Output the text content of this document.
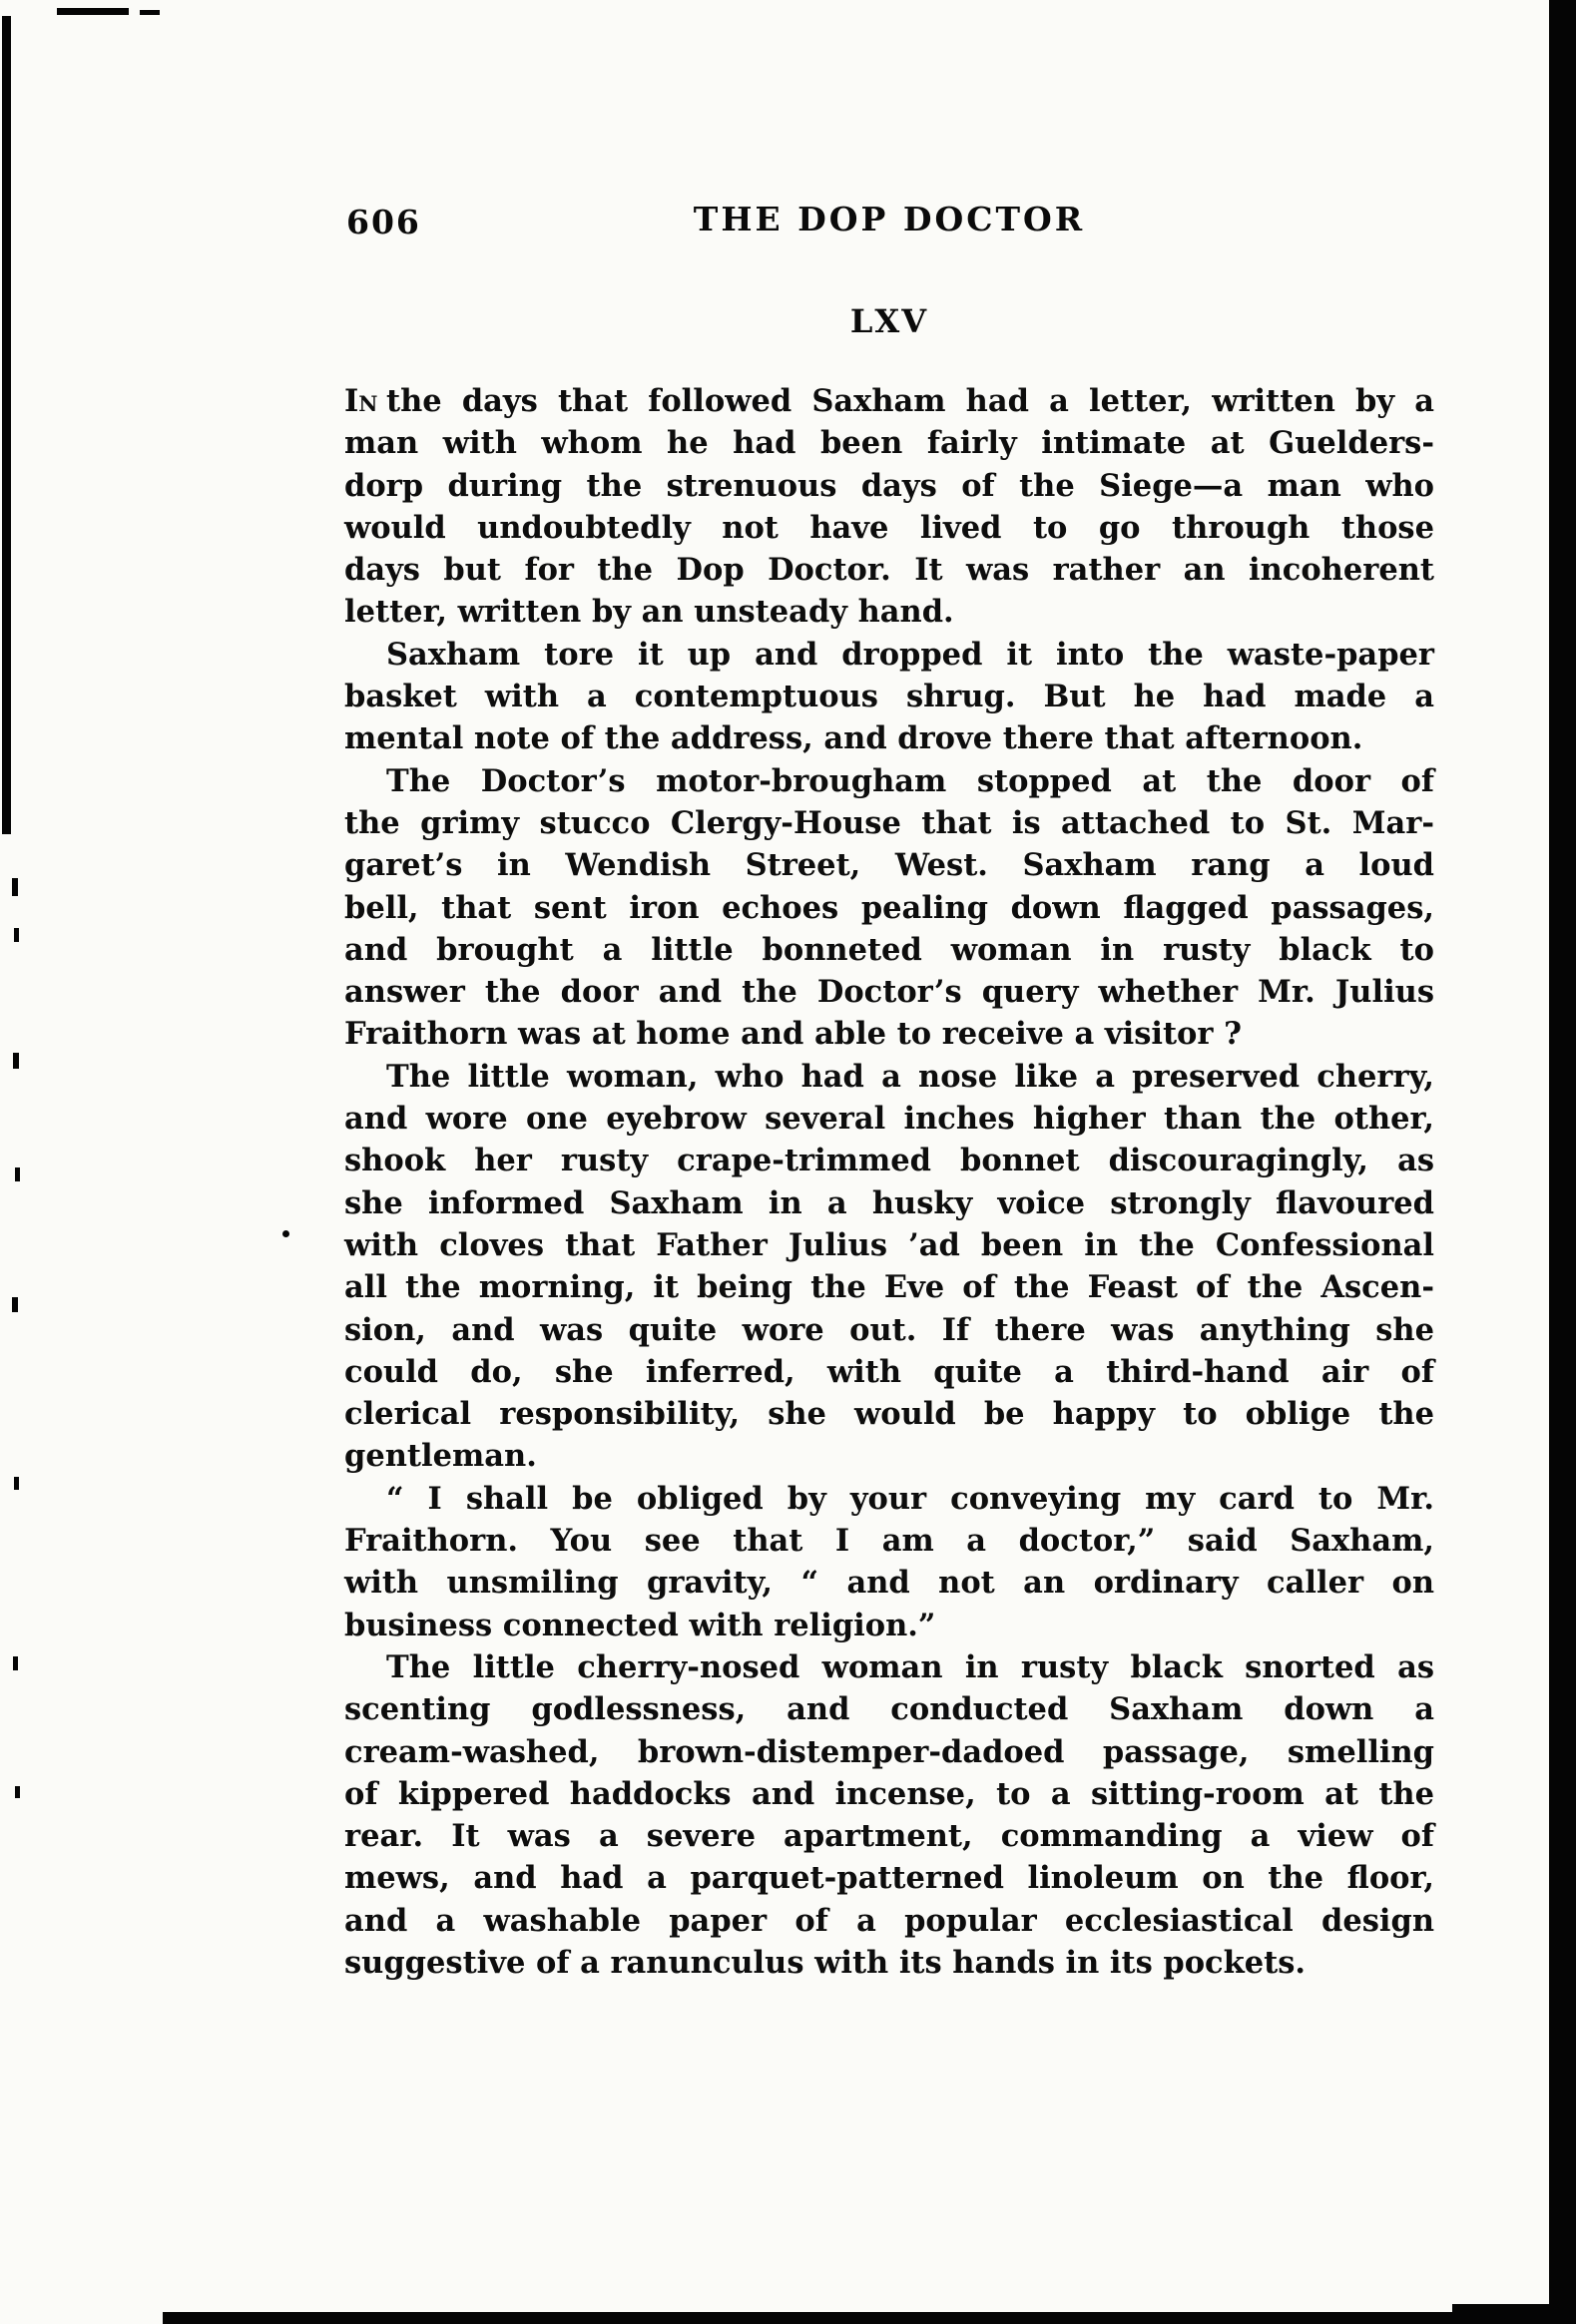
606	THE DOP DOCTOR
LXV
In the days that followed Saxham had a letter, written by a
man with whom he had been fairly intimate at Guelders-
dorp during the strenuous days of the Siege—a man who
would undoubtedly not have lived to go through those
days but for the Dop Doctor. It was rather an incoherent
letter, written by an unsteady hand.
Saxham tore it up and dropped it into the waste-paper
basket with a contemptuous shrug. But he had made a
mental note of the address, and drove there that afternoon.
The Doctor’s motor-brougham stopped at the door of
the grimy stucco Clergy-House that is attached to St. Mar-
garet’s in Wendish Street, West. Saxham rang a loud
bell, that sent iron echoes pealing down flagged passages,
and brought a little bonneted woman in rusty black to
answer the door and the Doctor’s query whether Mr. Julius
Fraithorn was at home and able to receive a visitor ?
The little woman, who had a nose like a preserved cherry,
and wore one eyebrow several inches higher than the other,
shook her rusty crape-trimmed bonnet discouragingly, as
she informed Saxham in a husky voice strongly flavoured
with cloves that Father Julius ’ad been in the Confessional
all the morning, it being the Eve of the Feast of the Ascen-
sion, and was quite wore out. If there was anything she
could do, she inferred, with quite a third-hand air of
clerical responsibility, she would be happy to oblige the
gentleman.
“ I shall be obliged by your conveying my card to Mr.
Fraithorn. You see that I am a doctor,” said Saxham,
with unsmiling gravity, “ and not an ordinary caller on
business connected with religion.”
The little cherry-nosed woman in rusty black snorted as
scenting godlessness, and conducted Saxham down a
cream-washed, brown-distemper-dadoed passage, smelling
of kippered haddocks and incense, to a sitting-room at the
rear. It was a severe apartment, commanding a view of
mews, and had a parquet-patterned linoleum on the floor,
and a washable paper of a popular ecclesiastical design
suggestive of a ranunculus with its hands in its pockets.
